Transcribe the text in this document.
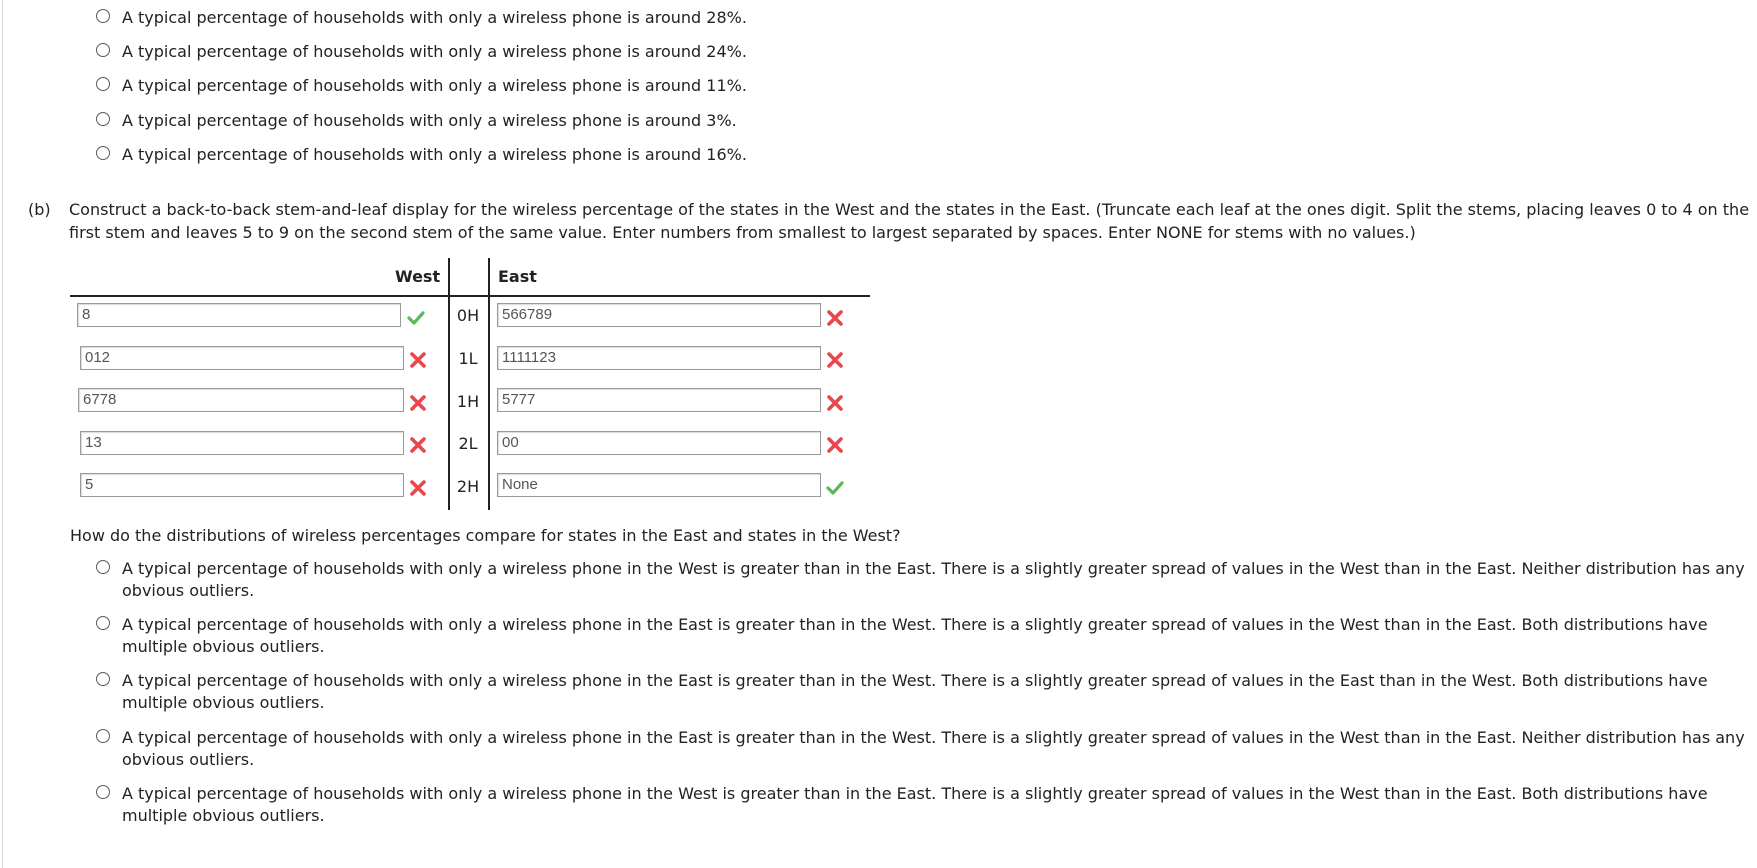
A typical percentage of households with only a wireless phone is around 28%.
A typical percentage of households with only a wireless phone is around 24%.
A typical percentage of households with only a wireless phone is around 11%.
A typical percentage of households with only a wireless phone is around 3%.
A typical percentage of households with only a wireless phone is around 16%.
(b) Construct a back-to-back stem-and-leaf display for the wireless percentage of the states in the West and the states in the East. (Truncate each leaf at the ones digit. Split the stems, placing leaves 0 to 4 on the first stem and leaves 5 to 9 on the second stem of the same value. Enter numbers from smallest to largest separated by spaces. Enter NONE for stems with no values.)
West	East
8	0H	566789
012	1L	1111123
6778	1H	5777
13	2L	00
5	2H	None
How do the distributions of wireless percentages compare for states in the East and states in the West?
A typical percentage of households with only a wireless phone in the West is greater than in the East. There is a slightly greater spread of values in the West than in the East. Neither distribution has any obvious outliers.
A typical percentage of households with only a wireless phone in the East is greater than in the West. There is a slightly greater spread of values in the West than in the East. Both distributions have multiple obvious outliers.
A typical percentage of households with only a wireless phone in the East is greater than in the West. There is a slightly greater spread of values in the East than in the West. Both distributions have multiple obvious outliers.
A typical percentage of households with only a wireless phone in the East is greater than in the West. There is a slightly greater spread of values in the West than in the East. Neither distribution has any obvious outliers.
A typical percentage of households with only a wireless phone in the West is greater than in the East. There is a slightly greater spread of values in the West than in the East. Both distributions have multiple obvious outliers.
